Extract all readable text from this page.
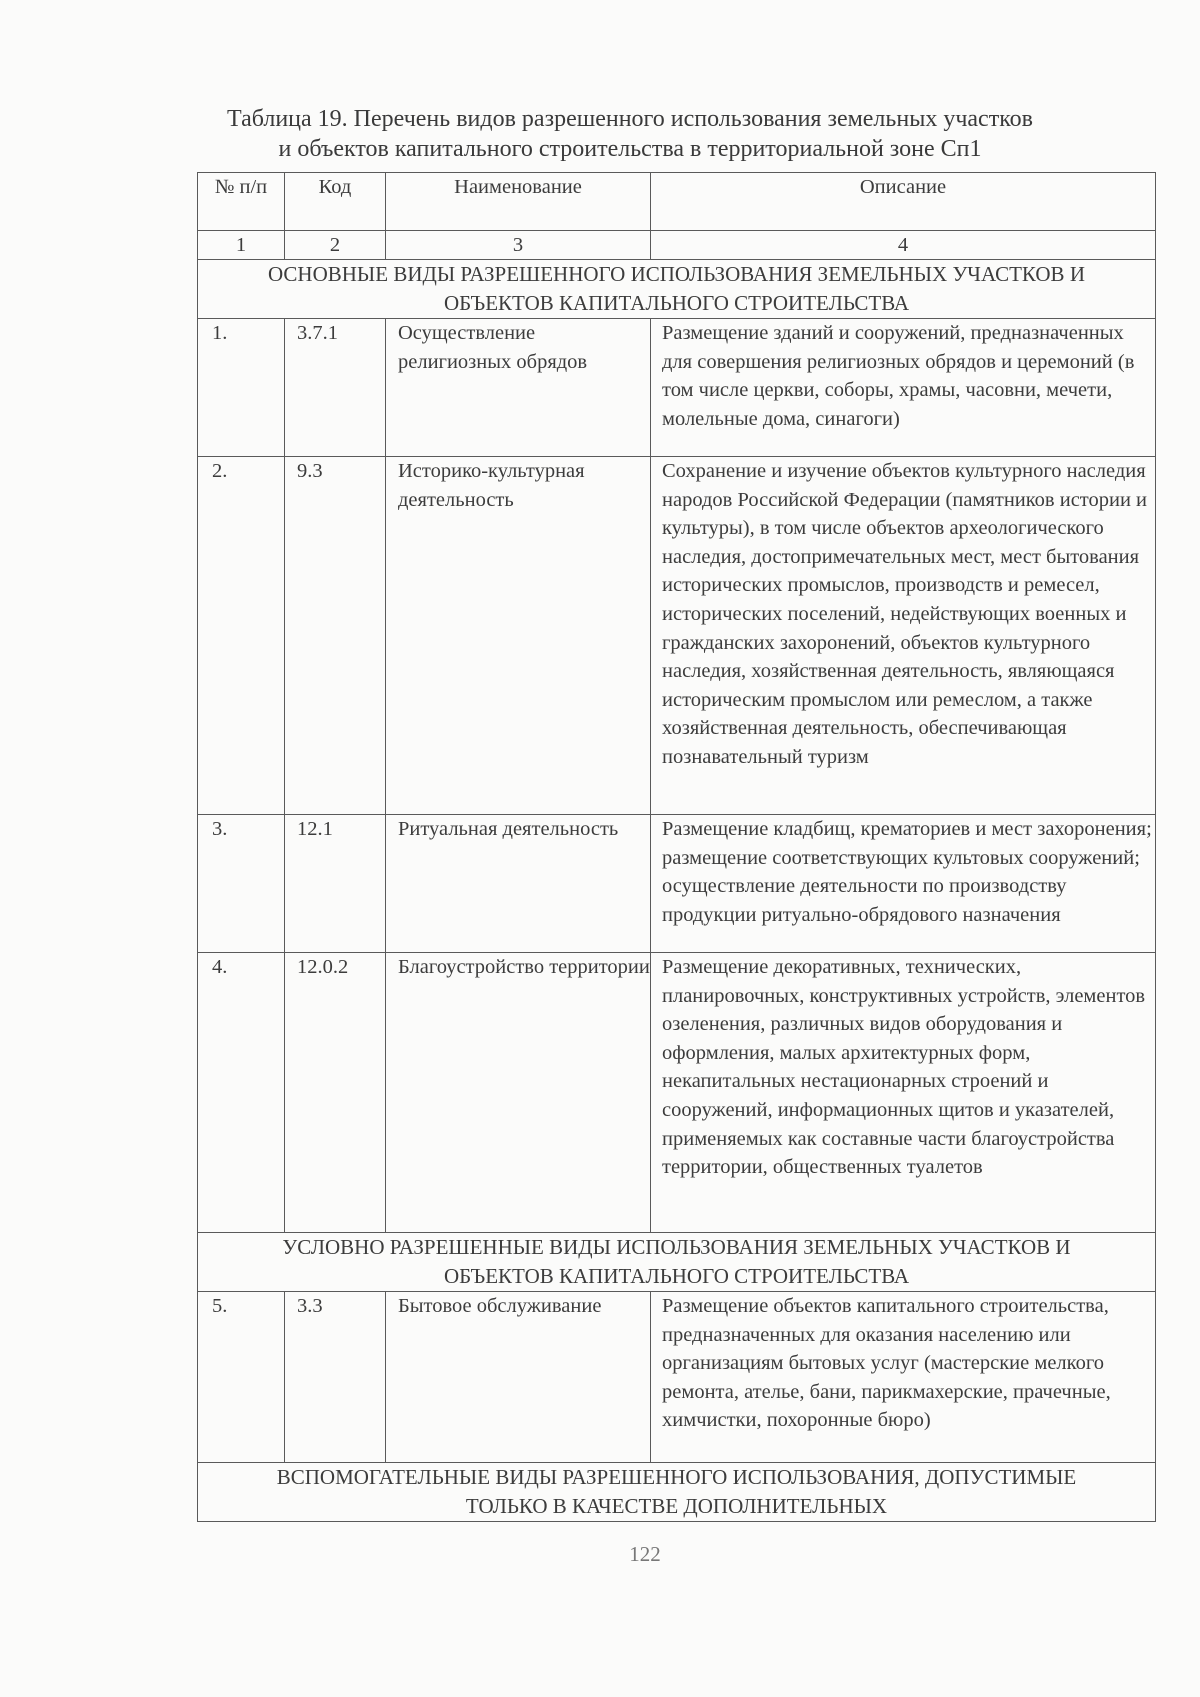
Таблица 19. Перечень видов разрешенного использования земельных участков
и объектов капитального строительства в территориальной зоне Сп1
№ п/п	Код	Наименование	Описание
1	2	3	4
ОСНОВНЫЕ ВИДЫ РАЗРЕШЕННОГО ИСПОЛЬЗОВАНИЯ ЗЕМЕЛЬНЫХ УЧАСТКОВ И ОБЪЕКТОВ КАПИТАЛЬНОГО СТРОИТЕЛЬСТВА			
1.	3.7.1	Осуществление религиозных обрядов	Размещение зданий и сооружений, предназначенных для совершения религиозных обрядов и церемоний (в том числе церкви, соборы, храмы, часовни, мечети, молельные дома, синагоги)
2.	9.3	Историко-культурная деятельность	Сохранение и изучение объектов культурного наследия народов Российской Федерации (памятников истории и культуры), в том числе объектов археологического наследия, достопримечательных мест, мест бытования исторических промыслов, производств и ремесел, исторических поселений, недействующих военных и гражданских захоронений, объектов культурного наследия, хозяйственная деятельность, являющаяся историческим промыслом или ремеслом, а также хозяйственная деятельность, обеспечивающая познавательный туризм
3.	12.1	Ритуальная деятельность	Размещение кладбищ, крематориев и мест захоронения; размещение соответствующих культовых сооружений; осуществление деятельности по производству продукции ритуально-обрядового назначения
4.	12.0.2	Благоустройство территории	Размещение декоративных, технических, планировочных, конструктивных устройств, элементов озеленения, различных видов оборудования и оформления, малых архитектурных форм, некапитальных нестационарных строений и сооружений, информационных щитов и указателей, применяемых как составные части благоустройства территории, общественных туалетов
УСЛОВНО РАЗРЕШЕННЫЕ ВИДЫ ИСПОЛЬЗОВАНИЯ ЗЕМЕЛЬНЫХ УЧАСТКОВ И ОБЪЕКТОВ КАПИТАЛЬНОГО СТРОИТЕЛЬСТВА			
5.	3.3	Бытовое обслуживание	Размещение объектов капитального строительства, предназначенных для оказания населению или организациям бытовых услуг (мастерские мелкого ремонта, ателье, бани, парикмахерские, прачечные, химчистки, похоронные бюро)
ВСПОМОГАТЕЛЬНЫЕ ВИДЫ РАЗРЕШЕННОГО ИСПОЛЬЗОВАНИЯ, ДОПУСТИМЫЕ ТОЛЬКО В КАЧЕСТВЕ ДОПОЛНИТЕЛЬНЫХ			
122
